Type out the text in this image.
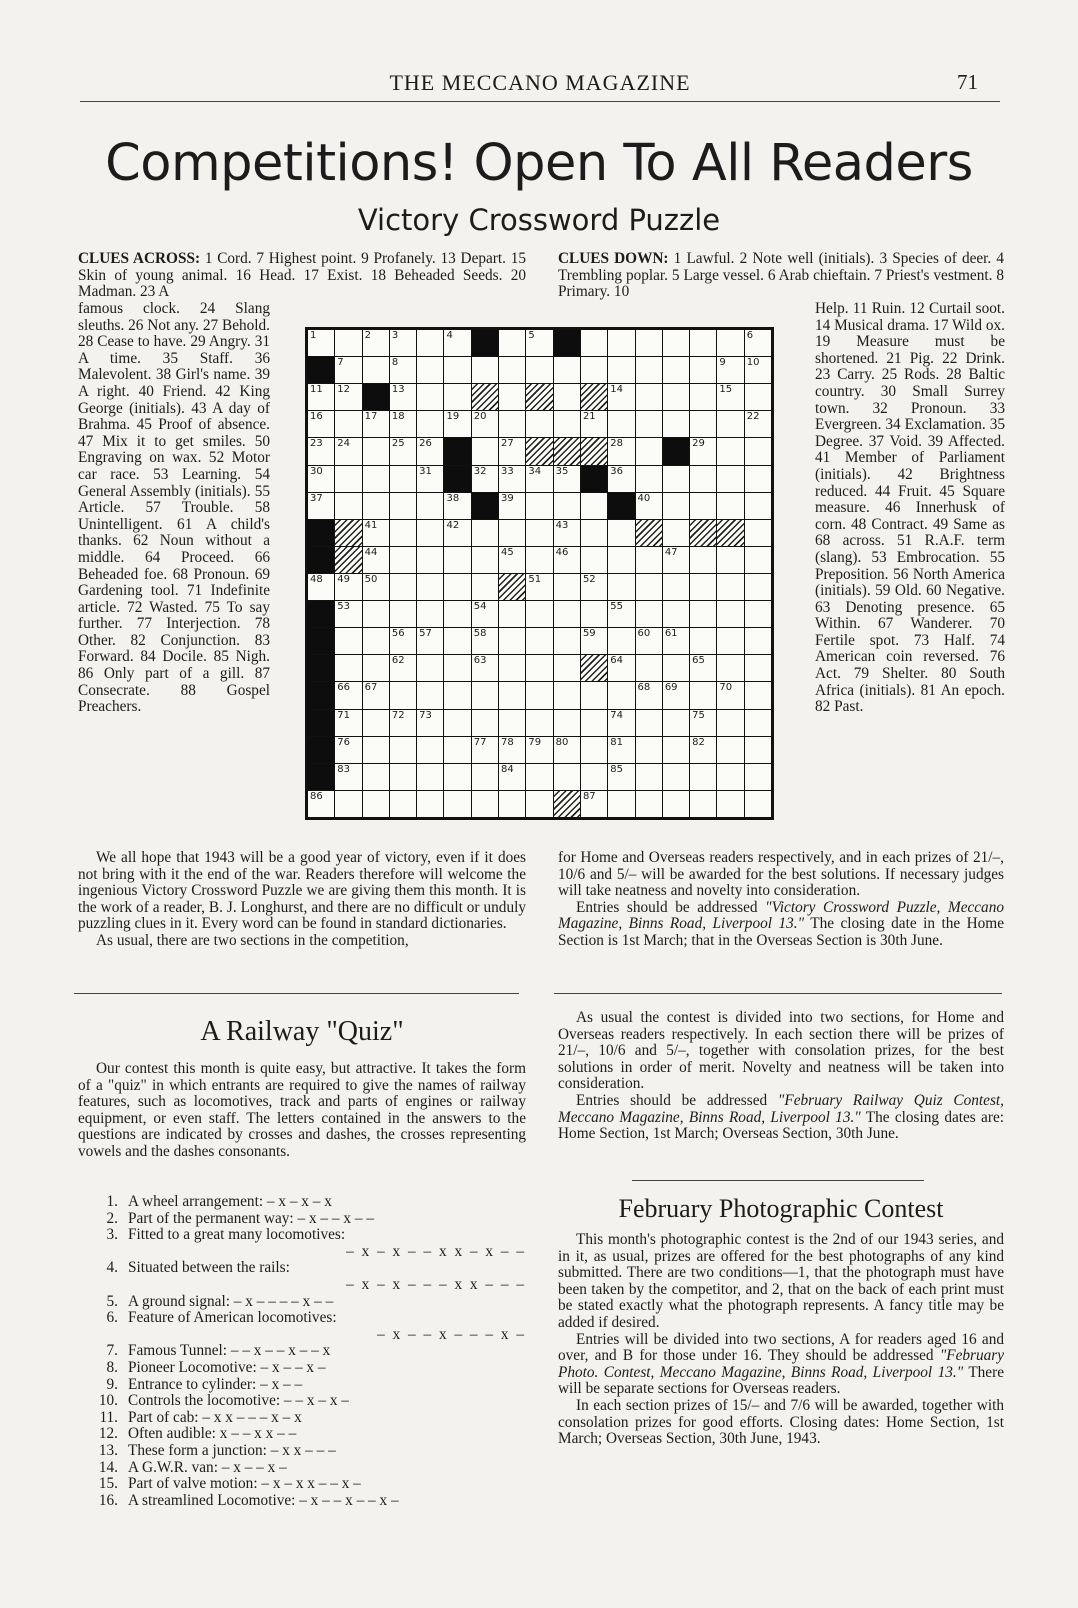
THE MECCANO MAGAZINE	71
Competitions! Open To All Readers
Victory Crossword Puzzle

CLUES ACROSS: 1 Cord. 7 Highest point. 9 Profanely. 13 Depart. 15 Skin of young animal. 16 Head. 17 Exist. 18 Beheaded Seeds. 20 Madman. 23 A

famous clock. 24 Slang sleuths. 26 Not any. 27 Behold. 28 Cease to have. 29 Angry. 31 A time. 35 Staff. 36 Malevolent. 38 Girl's name. 39 A right. 40 Friend. 42 King George (initials). 43 A day of Brahma. 45 Proof of absence. 47 Mix it to get smiles. 50 Engraving on wax. 52 Motor car race. 53 Learning. 54 General Assembly (initials). 55 Article. 57 Trouble. 58 Unintelligent. 61 A child's thanks. 62 Noun without a middle. 64 Proceed. 66 Beheaded foe. 68 Pronoun. 69 Gardening tool. 71 Indefinite article. 72 Wasted. 75 To say further. 77 Interjection. 78 Other. 82 Conjunction. 83 Forward. 84 Docile. 85 Nigh. 86 Only part of a gill. 87 Consecrate. 88 Gospel Preachers.

CLUES DOWN: 1 Lawful. 2 Note well (initials). 3 Species of deer. 4 Trembling poplar. 5 Large vessel. 6 Arab chieftain. 7 Priest's vestment. 8 Primary. 10

Help. 11 Ruin. 12 Curtail soot. 14 Musical drama. 17 Wild ox. 19 Measure must be shortened. 21 Pig. 22 Drink. 23 Carry. 25 Rods. 28 Baltic country. 30 Small Surrey town. 32 Pronoun. 33 Evergreen. 34 Exclamation. 35 Degree. 37 Void. 39 Affected. 41 Member of Parliament (initials). 42 Brightness reduced. 44 Fruit. 45 Square measure. 46 Innerhusk of corn. 48 Contract. 49 Same as 68 across. 51 R.A.F. term (slang). 53 Embrocation. 55 Preposition. 56 North America (initials). 59 Old. 60 Negative. 63 Denoting presence. 65 Within. 67 Wanderer. 70 Fertile spot. 73 Half. 74 American coin reversed. 76 Act. 79 Shelter. 80 South Africa (initials). 81 An epoch. 82 Past.

1	2 3	4	5	6
7	8	9 10
11 12	13	14	15
16	17 18	19 20	21	22
23 24	25 26	27	28	29
30	31	32 33 34 35	36
37	38	39	40
41	42	43
44	45	46	47
48 49 50	51	52
53	54	55
56 57	58	59	60 61
62	63	64	65
66 67	68 69	70
71	72 73	74	75
76	77 78 79 80	81	82
83	84	85
86	87

We all hope that 1943 will be a good year of victory, even if it does not bring with it the end of the war. Readers therefore will welcome the ingenious Victory Crossword Puzzle we are giving them this month. It is the work of a reader, B. J. Longhurst, and there are no difficult or unduly puzzling clues in it. Every word can be found in standard dictionaries.

As usual, there are two sections in the competition,

for Home and Overseas readers respectively, and in each prizes of 21/–, 10/6 and 5/– will be awarded for the best solutions. If necessary judges will take neatness and novelty into consideration.

Entries should be addressed "Victory Crossword Puzzle, Meccano Magazine, Binns Road, Liverpool 13." The closing date in the Home Section is 1st March; that in the Overseas Section is 30th June.

A Railway "Quiz"

Our contest this month is quite easy, but attractive. It takes the form of a "quiz" in which entrants are required to give the names of railway features, such as locomotives, track and parts of engines or railway equipment, or even staff. The letters contained in the answers to the questions are indicated by crosses and dashes, the crosses representing vowels and the dashes consonants.

1. A wheel arrangement: – x – x – x
2. Part of the permanent way: – x – – x – –
3. Fitted to a great many locomotives:
– x – x – – x x – x – –
4. Situated between the rails:
– x – x – – – x x – – –
5. A ground signal: – x – – – – x – –
6. Feature of American locomotives:
– x – – x – – – x –
7. Famous Tunnel: – – x – – x – – x
8. Pioneer Locomotive: – x – – x –
9. Entrance to cylinder: – x – –
10. Controls the locomotive: – – x – x –
11. Part of cab: – x x – – – x – x
12. Often audible: x – – x x – –
13. These form a junction: – x x – – –
14. A G.W.R. van: – x – – x –
15. Part of valve motion: – x – x x – – x –
16. A streamlined Locomotive: – x – – x – – x –

As usual the contest is divided into two sections, for Home and Overseas readers respectively. In each section there will be prizes of 21/–, 10/6 and 5/–, together with consolation prizes, for the best solutions in order of merit. Novelty and neatness will be taken into consideration.

Entries should be addressed "February Railway Quiz Contest, Meccano Magazine, Binns Road, Liverpool 13." The closing dates are: Home Section, 1st March; Overseas Section, 30th June.

February Photographic Contest

This month's photographic contest is the 2nd of our 1943 series, and in it, as usual, prizes are offered for the best photographs of any kind submitted. There are two conditions—1, that the photograph must have been taken by the competitor, and 2, that on the back of each print must be stated exactly what the photograph represents. A fancy title may be added if desired.

Entries will be divided into two sections, A for readers aged 16 and over, and B for those under 16. They should be addressed "February Photo. Contest, Meccano Magazine, Binns Road, Liverpool 13." There will be separate sections for Overseas readers.

In each section prizes of 15/– and 7/6 will be awarded, together with consolation prizes for good efforts. Closing dates: Home Section, 1st March; Overseas Section, 30th June, 1943.
